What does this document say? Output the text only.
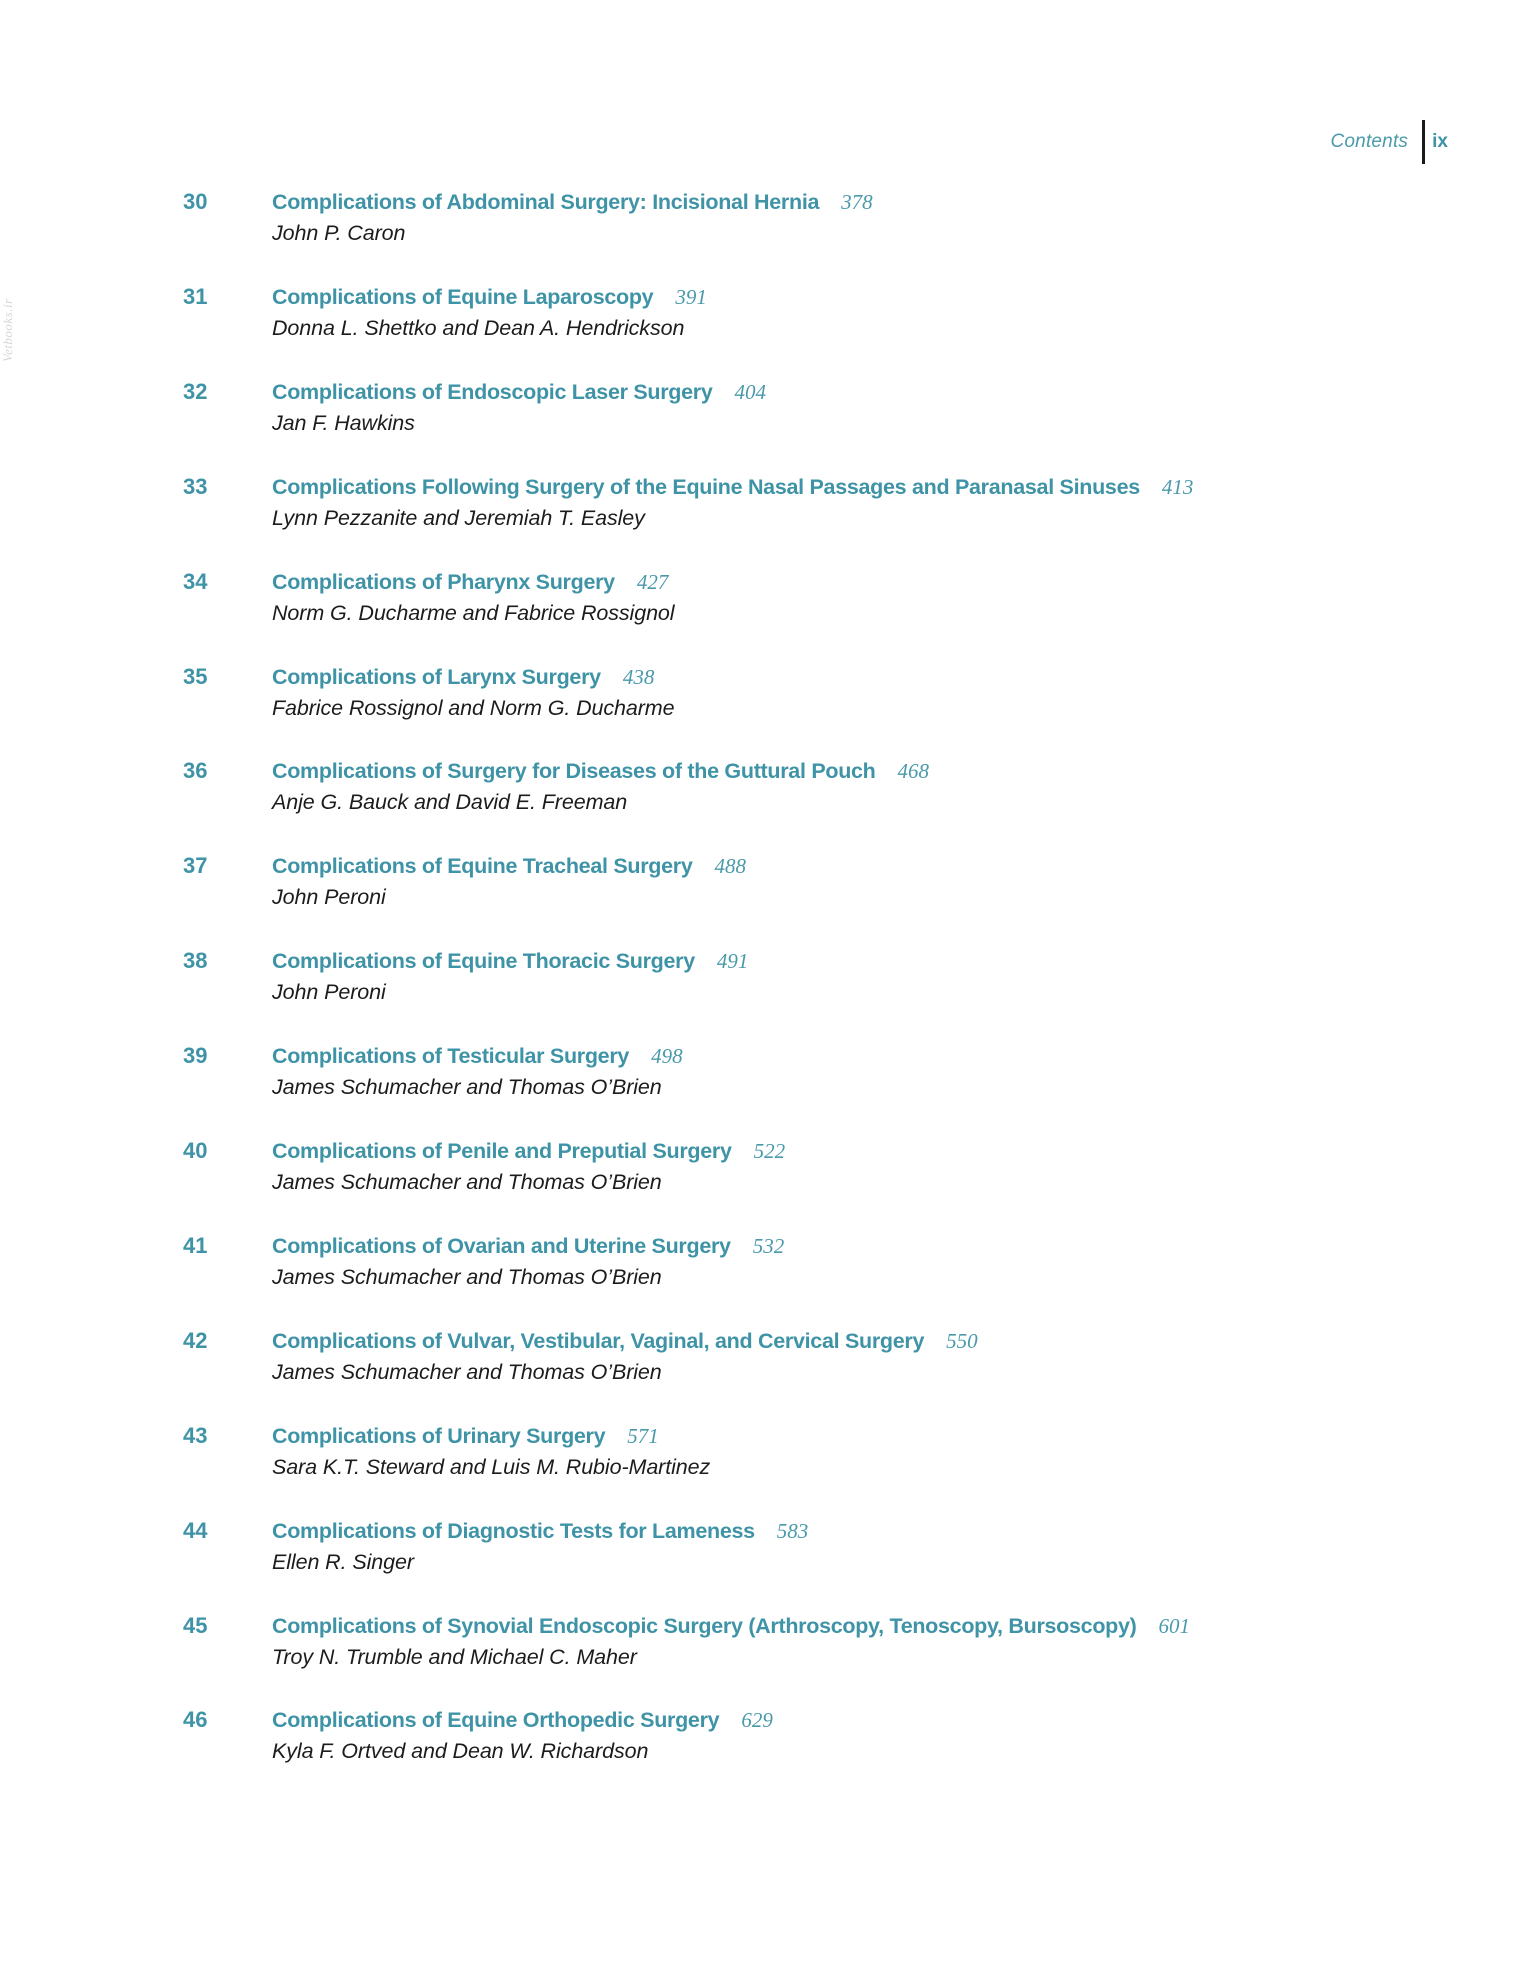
Contents ix
Vetbooks.ir
30	Complications of Abdominal Surgery: Incisional Hernia 378
John P. Caron
31	Complications of Equine Laparoscopy 391
Donna L. Shettko and Dean A. Hendrickson
32	Complications of Endoscopic Laser Surgery 404
Jan F. Hawkins
33	Complications Following Surgery of the Equine Nasal Passages and Paranasal Sinuses 413
Lynn Pezzanite and Jeremiah T. Easley
34	Complications of Pharynx Surgery 427
Norm G. Ducharme and Fabrice Rossignol
35	Complications of Larynx Surgery 438
Fabrice Rossignol and Norm G. Ducharme
36	Complications of Surgery for Diseases of the Guttural Pouch 468
Anje G. Bauck and David E. Freeman
37	Complications of Equine Tracheal Surgery 488
John Peroni
38	Complications of Equine Thoracic Surgery 491
John Peroni
39	Complications of Testicular Surgery 498
James Schumacher and Thomas O’Brien
40	Complications of Penile and Preputial Surgery 522
James Schumacher and Thomas O’Brien
41	Complications of Ovarian and Uterine Surgery 532
James Schumacher and Thomas O’Brien
42	Complications of Vulvar, Vestibular, Vaginal, and Cervical Surgery 550
James Schumacher and Thomas O’Brien
43	Complications of Urinary Surgery 571
Sara K.T. Steward and Luis M. Rubio-Martinez
44	Complications of Diagnostic Tests for Lameness 583
Ellen R. Singer
45	Complications of Synovial Endoscopic Surgery (Arthroscopy, Tenoscopy, Bursoscopy) 601
Troy N. Trumble and Michael C. Maher
46	Complications of Equine Orthopedic Surgery 629
Kyla F. Ortved and Dean W. Richardson
